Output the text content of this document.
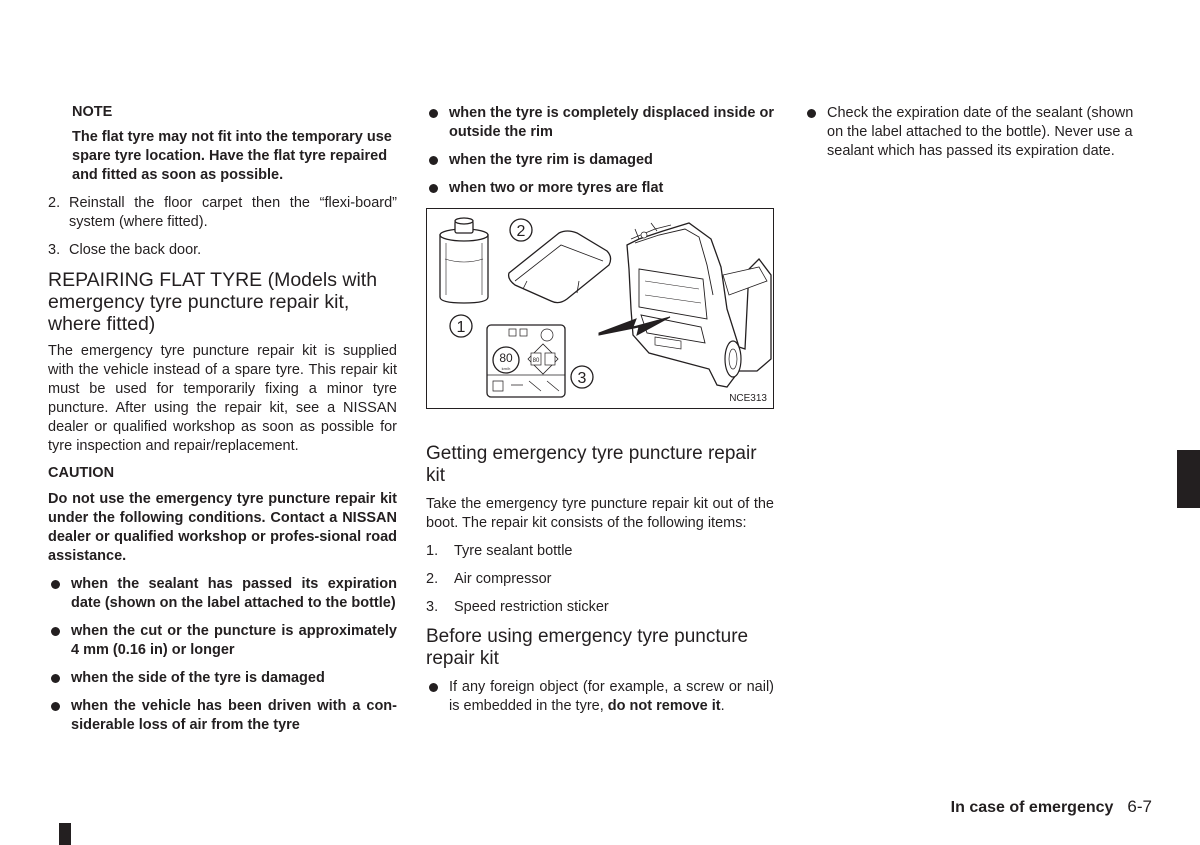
NOTE

The flat tyre may not fit into the temporary use spare tyre location. Have the flat tyre repaired and fitted as soon as possible.

2. Reinstall the floor carpet then the “flexi-board” system (where fitted).
3. Close the back door.
REPAIRING FLAT TYRE (Models with emergency tyre puncture repair kit, where fitted)

The emergency tyre puncture repair kit is supplied with the vehicle instead of a spare tyre. This repair kit must be used for temporarily fixing a minor tyre puncture. After using the repair kit, see a NISSAN dealer or qualified workshop as soon as possible for tyre inspection and repair/replacement.

CAUTION

Do not use the emergency tyre puncture repair kit under the following conditions. Contact a NISSAN dealer or qualified workshop or profes-sional road assistance.

when the sealant has passed its expiration date (shown on the label attached to the bottle)
when the cut or the puncture is approximately 4 mm (0.16 in) or longer
when the side of the tyre is damaged
when the vehicle has been driven with a con-siderable loss of air from the tyre
when the tyre is completely displaced inside or outside the rim
when the tyre rim is damaged
when two or more tyres are flat
2
1
3
80
km/h
80
NCE313
Getting emergency tyre puncture repair kit

Take the emergency tyre puncture repair kit out of the boot. The repair kit consists of the following items:

1.	Tyre sealant bottle
2.	Air compressor
3.	Speed restriction sticker
Before using emergency tyre puncture repair kit
If any foreign object (for example, a screw or nail) is embedded in the tyre, do not remove it.
Check the expiration date of the sealant (shown on the label attached to the bottle). Never use a sealant which has passed its expiration date.
In case of emergency 6-7
